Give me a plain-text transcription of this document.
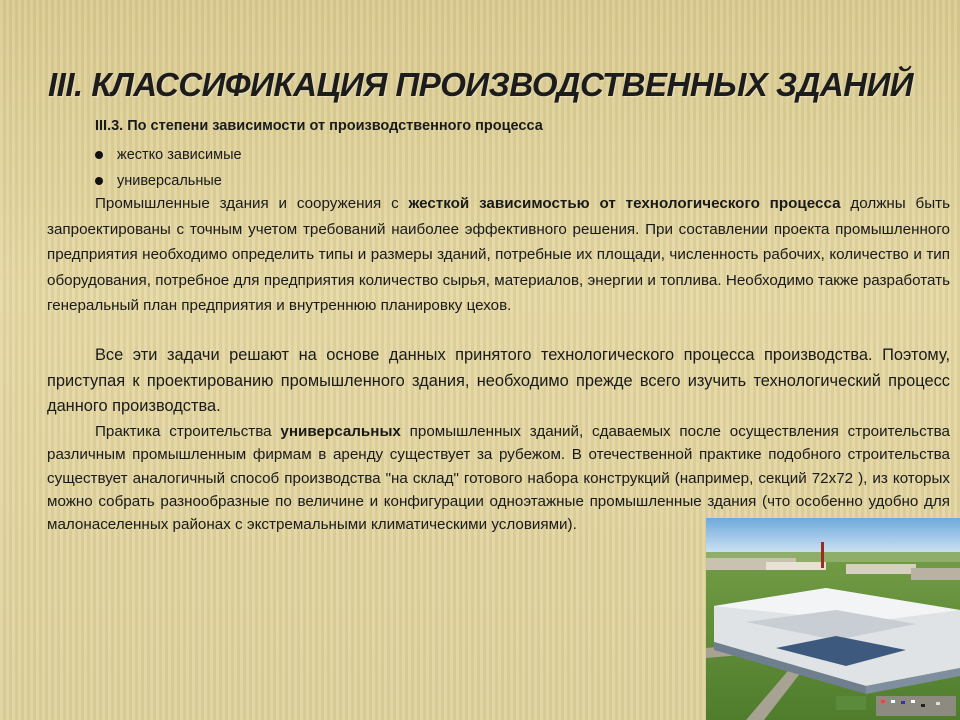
III. КЛАССИФИКАЦИЯ ПРОИЗВОДСТВЕННЫХ ЗДАНИЙ
III.3. По степени зависимости от производственного процесса
жестко зависимые
универсальные

Промышленные здания и сооружения с жесткой зависимостью от технологического процесса должны быть запроектированы с точным учетом требований наиболее эффективного решения. При составлении проекта промышленного предприятия необходимо определить типы и размеры зданий, потребные их площади, численность рабочих, количество и тип оборудования, потребное для предприятия количество сырья, материалов, энергии и топлива. Необходимо также разработать генеральный план предприятия и внутреннюю планировку цехов.

Все эти задачи решают на основе данных принятого технологического процесса производства. Поэтому, приступая к проектированию промышленного здания, необходимо прежде всего изучить технологический процесс данного производства.

Практика строительства универсальных промышленных зданий, сдаваемых после осуществления строительства различным промышленным фирмам в аренду существует за рубежом. В отечественной практике подобного строительства существует аналогичный способ производства "на склад" готового набора конструкций (например, секций 72х72 ), из которых можно собрать разнообразные по величине и конфигурации одноэтажные промышленные здания (что особенно удобно для малонаселенных районах с экстремальными климатическими условиями).
